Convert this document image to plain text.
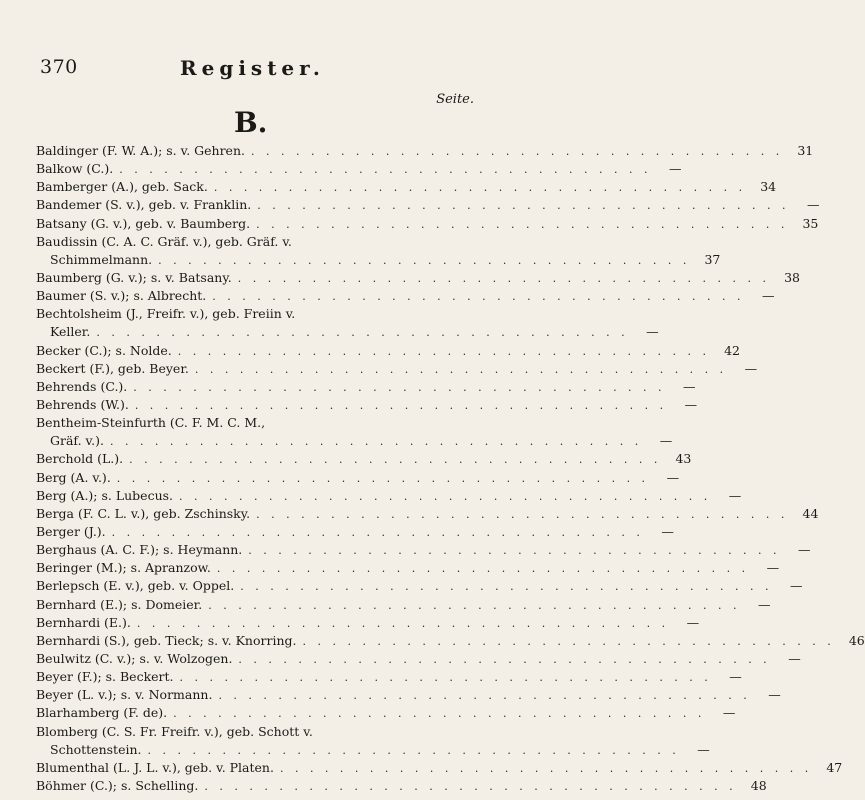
370	Register.
Seite.
B.
Baldinger (F. W. A.); s. v. Gehren. . . . . . . . . . . . . . . . . . . . . . . . . . . . . . . . . . . . .	31
Balkow (C.). . . . . . . . . . . . . . . . . . . . . . . . . . . . . . . . . . . . .	—
Bamberger (A.), geb. Sack. . . . . . . . . . . . . . . . . . . . . . . . . . . . . . . . . . . . .	34
Bandemer (S. v.), geb. v. Franklin. . . . . . . . . . . . . . . . . . . . . . . . . . . . . . . . . . . . .	—
Batsany (G. v.), geb. v. Baumberg. . . . . . . . . . . . . . . . . . . . . . . . . . . . . . . . . . . . .	35
Baudissin (C. A. C. Gräf. v.), geb. Gräf. v.
Schimmelmann. . . . . . . . . . . . . . . . . . . . . . . . . . . . . . . . . . . . .	37
Baumberg (G. v.); s. v. Batsany. . . . . . . . . . . . . . . . . . . . . . . . . . . . . . . . . . . . .	38
Baumer (S. v.); s. Albrecht. . . . . . . . . . . . . . . . . . . . . . . . . . . . . . . . . . . . .	—
Bechtolsheim (J., Freifr. v.), geb. Freiin v.
Keller. . . . . . . . . . . . . . . . . . . . . . . . . . . . . . . . . . . . .	—
Becker (C.); s. Nolde. . . . . . . . . . . . . . . . . . . . . . . . . . . . . . . . . . . . .	42
Beckert (F.), geb. Beyer. . . . . . . . . . . . . . . . . . . . . . . . . . . . . . . . . . . . .	—
Behrends (C.). . . . . . . . . . . . . . . . . . . . . . . . . . . . . . . . . . . . .	—
Behrends (W.). . . . . . . . . . . . . . . . . . . . . . . . . . . . . . . . . . . . .	—
Bentheim-Steinfurth (C. F. M. C. M.,
Gräf. v.). . . . . . . . . . . . . . . . . . . . . . . . . . . . . . . . . . . . .	—
Berchold (L.). . . . . . . . . . . . . . . . . . . . . . . . . . . . . . . . . . . . .	43
Berg (A. v.). . . . . . . . . . . . . . . . . . . . . . . . . . . . . . . . . . . . .	—
Berg (A.); s. Lubecus. . . . . . . . . . . . . . . . . . . . . . . . . . . . . . . . . . . . .	—
Berga (F. C. L. v.), geb. Zschinsky. . . . . . . . . . . . . . . . . . . . . . . . . . . . . . . . . . . . .	44
Berger (J.). . . . . . . . . . . . . . . . . . . . . . . . . . . . . . . . . . . . .	—
Berghaus (A. C. F.); s. Heymann. . . . . . . . . . . . . . . . . . . . . . . . . . . . . . . . . . . . .	—
Beringer (M.); s. Apranzow. . . . . . . . . . . . . . . . . . . . . . . . . . . . . . . . . . . . .	—
Berlepsch (E. v.), geb. v. Oppel. . . . . . . . . . . . . . . . . . . . . . . . . . . . . . . . . . . . .	—
Bernhard (E.); s. Domeier. . . . . . . . . . . . . . . . . . . . . . . . . . . . . . . . . . . . .	—
Bernhardi (E.). . . . . . . . . . . . . . . . . . . . . . . . . . . . . . . . . . . . .	—
Bernhardi (S.), geb. Tieck; s. v. Knorring. . . . . . . . . . . . . . . . . . . . . . . . . . . . . . . . . . . . .	46
Beulwitz (C. v.); s. v. Wolzogen. . . . . . . . . . . . . . . . . . . . . . . . . . . . . . . . . . . . .	—
Beyer (F.); s. Beckert. . . . . . . . . . . . . . . . . . . . . . . . . . . . . . . . . . . . .	—
Beyer (L. v.); s. v. Normann. . . . . . . . . . . . . . . . . . . . . . . . . . . . . . . . . . . . .	—
Blarhamberg (F. de). . . . . . . . . . . . . . . . . . . . . . . . . . . . . . . . . . . . .	—
Blomberg (C. S. Fr. Freifr. v.), geb. Schott v.
Schottenstein. . . . . . . . . . . . . . . . . . . . . . . . . . . . . . . . . . . . .	—
Blumenthal (L. J. L. v.), geb. v. Platen. . . . . . . . . . . . . . . . . . . . . . . . . . . . . . . . . . . . .	47
Böhmer (C.); s. Schelling. . . . . . . . . . . . . . . . . . . . . . . . . . . . . . . . . . . . .	48
